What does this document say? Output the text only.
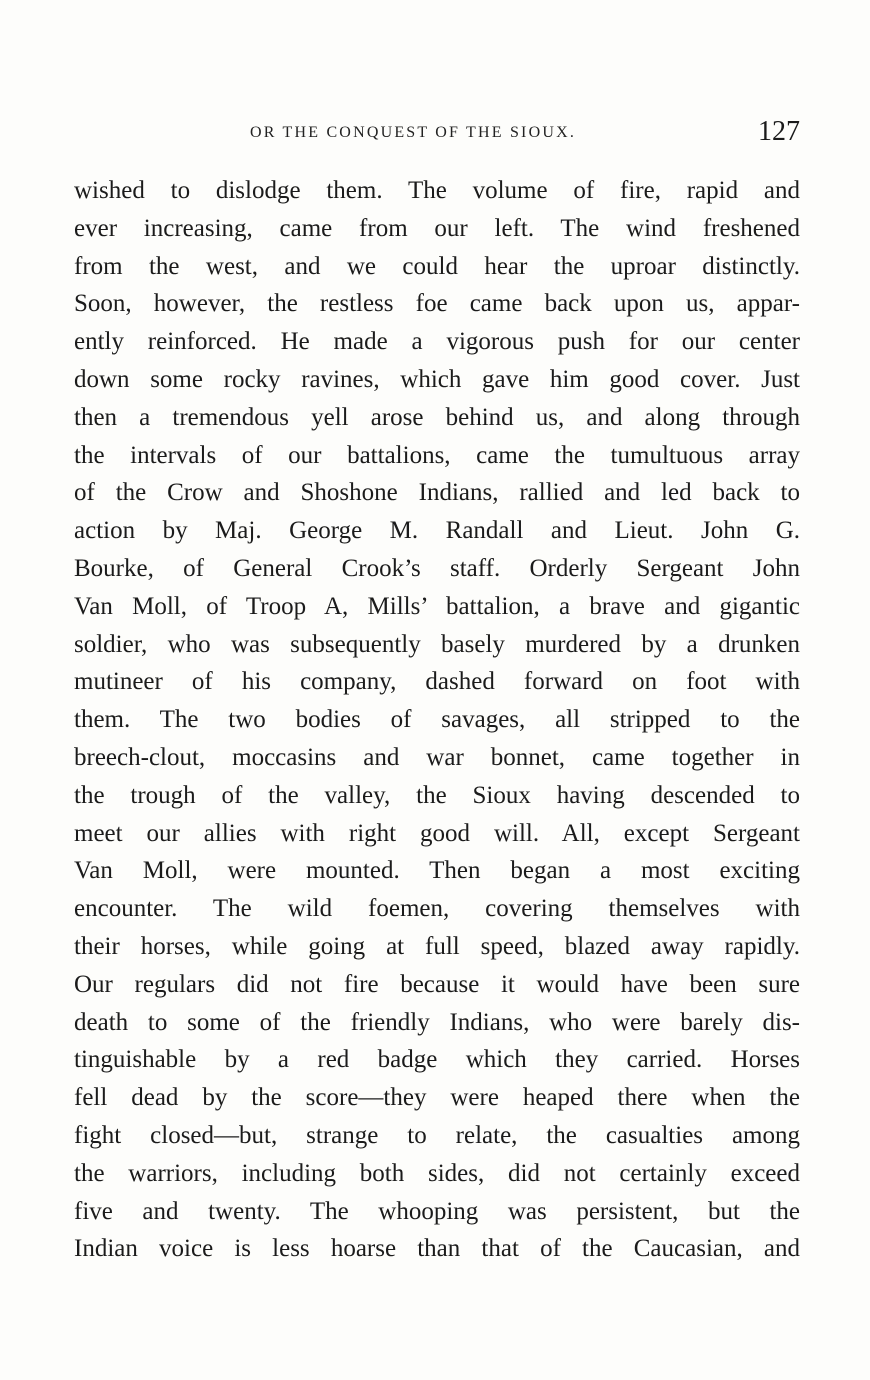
OR THE CONQUEST OF THE SIOUX.	127
wished to dislodge them. The volume of fire, rapid and
ever increasing, came from our left. The wind freshened
from the west, and we could hear the uproar distinctly.
Soon, however, the restless foe came back upon us, appar-
ently reinforced. He made a vigorous push for our center
down some rocky ravines, which gave him good cover. Just
then a tremendous yell arose behind us, and along through
the intervals of our battalions, came the tumultuous array
of the Crow and Shoshone Indians, rallied and led back to
action by Maj. George M. Randall and Lieut. John G.
Bourke, of General Crook’s staff. Orderly Sergeant John
Van Moll, of Troop A, Mills’ battalion, a brave and gigantic
soldier, who was subsequently basely murdered by a drunken
mutineer of his company, dashed forward on foot with
them. The two bodies of savages, all stripped to the
breech-clout, moccasins and war bonnet, came together in
the trough of the valley, the Sioux having descended to
meet our allies with right good will. All, except Sergeant
Van Moll, were mounted. Then began a most exciting
encounter. The wild foemen, covering themselves with
their horses, while going at full speed, blazed away rapidly.
Our regulars did not fire because it would have been sure
death to some of the friendly Indians, who were barely dis-
tinguishable by a red badge which they carried. Horses
fell dead by the score—they were heaped there when the
fight closed—but, strange to relate, the casualties among
the warriors, including both sides, did not certainly exceed
five and twenty. The whooping was persistent, but the
Indian voice is less hoarse than that of the Caucasian, and
